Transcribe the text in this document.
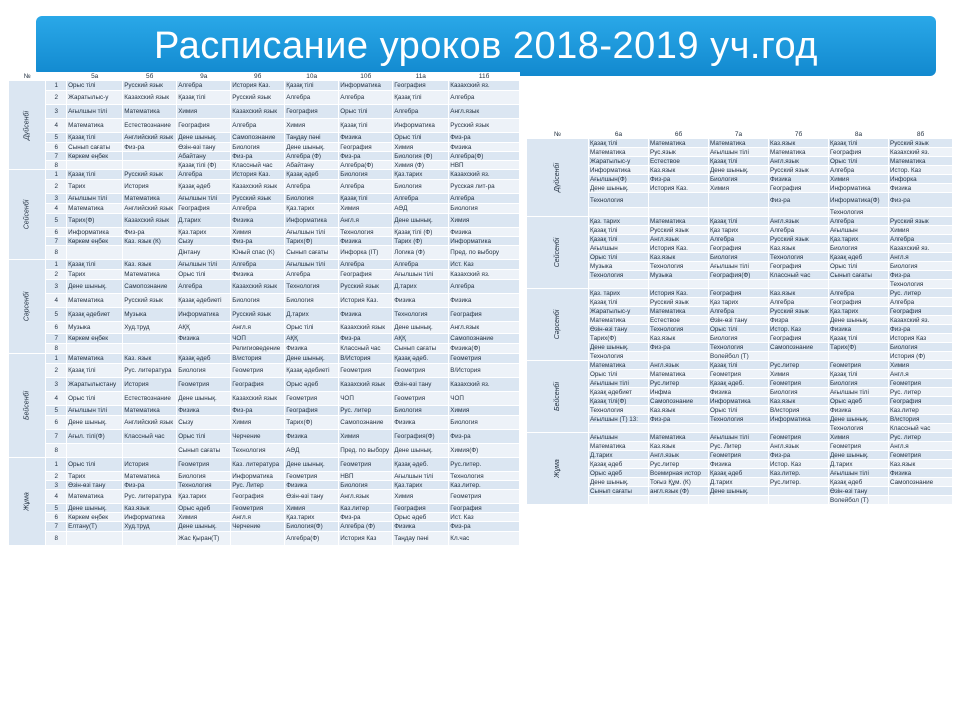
Расписание уроков 2018-2019 уч.год
№		5а	5б	9а	9б	10а	10б	11а	11б

Дүйсенбі	1	Орыс тілі	Русский язык	Алгебра	История Каз.	Қазақ тілі	Информатика	География	Казахский яз.
	2	Жаратылыс-у	Казахский язык	Қазақ тілі	Русский язык	Алгебра	Алгебра	Қазақ тілі	Алгебра
	3	Ағылшын тілі	Математика	Химия	Казахский язык	География	Орыс тілі	Алгебра	Англ.язык
	4	Математика	Естествознание	География	Алгебра	Химия	Қазақ тілі	Информатика	Русский язык
	5	Қазақ тілі	Английский язык	Дене шынық.	Самопознание	Таңдау пәні	Физика	Орыс тілі	Физ-ра
	6	Сынып сағаты	Физ-ра	Өзін-өзі тану	Биология	Дене шынық.	География	Химия	Физика
	7	Көркем еңбек		Абайтану	Физ-ра	Алгебра (Ф)	Физ-ра	Биология (Ф)	Алгебра(Ф)
	8			Қазақ тілі (Ф)	Классный час	Абайтану	Алгебра(Ф)	Химия (Ф)	НВП

Сейсенбі	1	Қазақ тілі	Русский язык	Алгебра	История Каз.	Қазақ әдеб	Биология	Қаз.тарих	Казахский яз.
	2	Тарих	История	Қазақ әдеб	Казахский язык	Алгебра	Алгебра	Биология	Русская лит-ра
	3	Ағылшын тілі	Математика	Ағылшын тілі	Русский язык	Биология	Қазақ тілі	Алгебра	Алгебра
	4	Математика	Английский язык	География	Алгебра	Қаз.тарих	Химия	АӘД	Биология
	5	Тарих(Ф)	Казахский язык	Д.тарих	Физика	Информатика	Англ.я	Дене шынық.	Химия
	6	Информатика	Физ-ра	Қаз.тарих	Химия	Ағылшын тілі	Технология	Қазақ тілі (Ф)	Физика
	7	Көркем еңбек	Каз. язык (К)	Сызу	Физ-ра	Тарих(Ф)	Физика	Тарих (Ф)	Информатика
	8			Дінтану	Юный спас (К)	Сынып сағаты	Инфорка (IT)	Логика (Ф)	Пред. по выбору

Сәрсенбі	1	Қазақ тілі	Каз. язык	Ағылшын тілі	Алгебра	Ағылшын тілі	Алгебра	Алгебра	Ист. Каз
	2	Тарих	Математика	Орыс тілі	Физика	Алгебра	География	Ағылшын тілі	Казахский яз.
	3	Дене шынық.	Самопознание	Алгебра	Казахский язык	Технология	Русский язык	Д.тарих	Алгебра
	4	Математика	Русский язык	Қазақ әдебиеті	Биология	Биология	История Каз.	Физика	Физика
	5	Қазақ әдебиет	Музыка	Информатика	Русский язык	Д.тарих	Физика	Технология	География
	6	Музыка	Худ.труд	АҚҚ	Англ.я	Орыс тілі	Казахский язык	Дене шынық.	Англ.язык
	7	Көркем еңбек		Физика	ЧОП	АҚҚ	Физ-ра	АҚҚ	Самопознание
	8				Религиоведение	Физика	Классный час	Сынып сағаты	Физика(Ф)

Бейсенбі	1	Математика	Каз. язык	Қазақ әдеб	В/история	Дене шынық.	В/История	Қазақ әдеб.	Геометрия
	2	Қазақ тілі	Рус. литература	Биология	Геометрия	Қазақ әдебиеті	Геометрия	Геометрия	В/История
	3	Жаратылыстану	История	Геометрия	География	Орыс әдеб	Казахский язык	Өзін-өзі тану	Казахский яз.
	4	Орыс тілі	Естествознание	Дене шынық.	Казахский язык	Геометрия	ЧОП	Геометрия	ЧОП
	5	Ағылшын тілі	Математика	Физика	Физ-ра	География	Рус. литер	Биология	Химия
	6	Дене шынық.	Английский язык	Сызу	Химия	Тарих(Ф)	Самопознание	Физика	Биология
	7	Ағыл. тілі(Ф)	Классный час	Орыс тілі	Черчение	Физика	Химия	География(Ф)	Физ-ра
	8			Сынып сағаты	Технология	АӘД	Пред. по выбору	Дене шынық.	Химия(Ф)

Жұма	1	Орыс тілі	История	Геометрия	Каз. литература	Дене шынық.	Геометрия	Қазақ әдеб.	Рус.литер.
	2	Тарих	Математика	Биология	Информатика	Геометрия	НВП	Ағылшын тілі	Технология
	3	Өзін-өзі тану	Физ-ра	Технология	Рус. Литер	Физика	Биология	Қаз.тарих	Каз.литер.
	4	Математика	Рус. литература	Қаз.тарих	География	Өзін-өзі тану	Англ.язык	Химия	Геометрия
	5	Дене шынық.	Каз.язык	Орыс әдеб	Геометрия	Химия	Каз.литер	География	География
	6	Көркем еңбек	Информатика	Химия	Англ.я	Қаз.тарих	Физ-ра	Орыс әдеб	Ист. Каз
	7	Елтану(Т)	Худ.труд	Дене шынық.	Черчение	Биология(Ф)	Алгебра (Ф)	Физика	Физ-ра
	8			Жас Қыран(Т)		Алгебра(Ф)	История Каз	Таңдау пәні	Кл.час
№	6а	6б	7а	7б	8а	8б

Дүйсенбі	Қазақ тілі	Математика	Математика	Каз.язык	Қазақ тілі	Русский язык
	Математика	Рус.язык	Ағылшын тілі	Математика	География	Казахский яз.
	Жаратылыс-у	Естествое	Қазақ тілі	Англ.язык	Орыс тілі	Математика
	Информатика	Каз.язык	Дене шынық.	Русский язык	Алгебра	Истор. Каз
	Ағылшын(Ф)	Физ-ра	Биология	Физика	Химия	Инфорка
	Дене шынық.	История Каз.	Химия	География	Информатика	Физика
	Технология			Физ-ра	Информатика(Ф)	Физ-ра
					Технология	

Сейсенбі	Қаз. тарих	Математика	Қазақ тілі	Англ.язык	Алгебра	Русский язык
	Қазақ тілі	Русский язык	Қаз тарих	Алгебра	Ағылшын	Химия
	Қазақ тілі	Англ.язык	Алгебра	Русский язык	Қаз.тарих	Алгебра
	Ағылшын	История Каз.	География	Каз.язык	Биология	Казахский яз.
	Орыс тілі	Каз.язык	Биология	Технология	Қазақ әдеб	Англ.я
	Музыка	Технология	Ағылшын тілі	География	Орыс тілі	Биология
	Технология	Музыка	География(Ф)	Классный час	Сынып сағаты	Физ-ра
						Технология

Сәрсенбі	Қаз. тарих	История Каз.	География	Каз.язык	Алгебра	Рус. литер
	Қазақ тілі	Русский язык	Қаз тарих	Алгебра	География	Алгебра
	Жаратылыс-у	Математика	Алгебра	Русский язык	Қаз.тарих	География
	Математика	Естествое	Өзін-өзі тану	Физра	Дене шынық.	Казахский яз.
	Өзін-өзі тану	Технология	Орыс тілі	Истор. Каз	Физика	Физ-ра
	Тарих(Ф)	Каз.язык	Биология	География	Қазақ тілі	История Каз
	Дене шынық.	Физ-ра	Технология	Самопознание	Тарих(Ф)	Биология
	Технология		Волейбол (Т)			История (Ф)

Бейсенбі	Математика	Англ.язык	Қазақ тілі	Рус.литер	Геометрия	Химия
	Орыс тілі	Математика	Геометрия	Химия	Қазақ тілі	Англ.я
	Ағылшын тілі	Рус.литер	Қазақ әдеб.	Геометрия	Биология	Геометрия
	Қазақ әдебиет	Инфма	Физика	Биология	Ағылшын тілі	Рус. литер
	Қазақ тілі(Ф)	Самопознание	Информатика	Каз.язык	Орыс әдеб	География
	Технология	Каз.язык	Орыс тілі	В/история	Физика	Каз.литер
	Ағылшын (Т) 13:	Физ-ра	Технология	Информатика	Дене шынық.	В/история
					Технология	Классный час

Жұма	Ағылшын	Математика	Ағылшын тілі	Геометрия	Химия	Рус. литер
	Математика	Каз.язык	Рус. Литер	Англ.язык	Геометрия	Англ.я
	Д.тарих	Англ.язык	Геометрия	Физ-ра	Дене шынық.	Геометрия
	Қазақ әдеб	Рус.литер	Физика	Истор. Каз	Д.тарих	Каз.язык
	Орыс әдеб	Всемирная истор	Қазақ әдеб	Каз.литер.	Ағылшын тілі	Физика
	Дене шынық.	Тоғыз Құм. (К)	Д.тарих	Рус.литер.	Қазақ әдеб	Самопознание
	Сынып сағаты	англ.язык (Ф)	Дене шынық.		Өзін-өзі тану	
					Волейбол (Т)	
